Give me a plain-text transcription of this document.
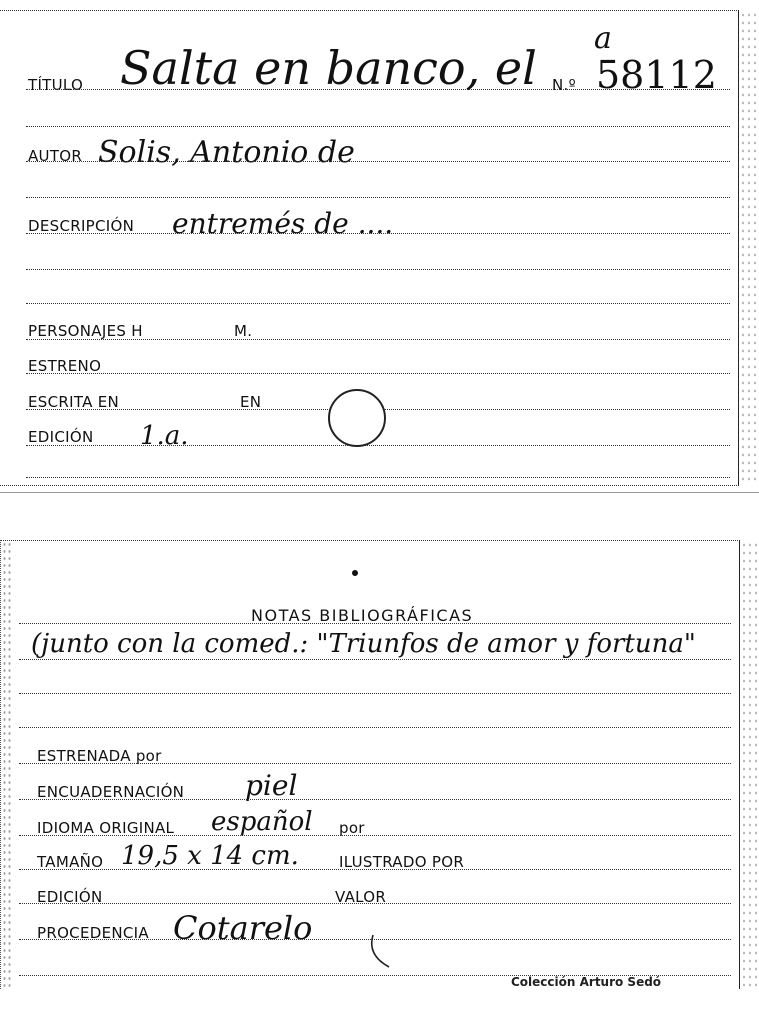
TÍTULO Salta en banco, el N.º
a
58112
AUTOR Solis, Antonio de
DESCRIPCIÓN entremés de ....
PERSONAJES H	M.
ESTRENO
ESCRITA EN	EN
EDICIÓN 1.a.
NOTAS BIBLIOGRÁFICAS
(junto con la comed.: "Triunfos de amor y fortuna"
ESTRENADA por
ENCUADERNACIÓN piel
IDIOMA ORIGINAL español por
TAMAÑO 19,5 x 14 cm.	ILUSTRADO POR
EDICIÓN	VALOR
PROCEDENCIA Cotarelo
Colección Arturo Sedó
